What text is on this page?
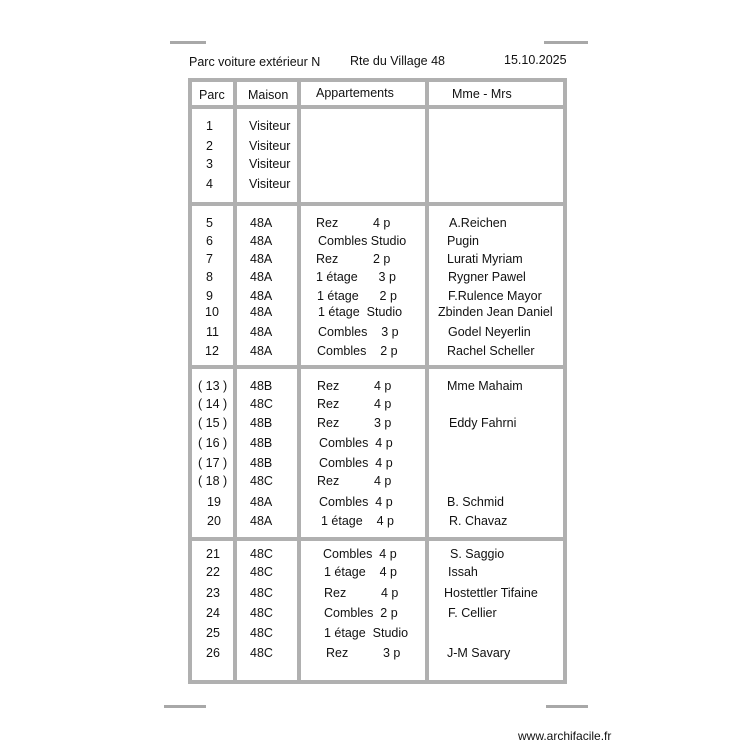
Parc voiture extérieur N Rte du Village 48	15.10.2025
Parc Maison Appartements	Mme - Mrs
1	Visiteur
2	Visiteur
3	Visiteur
4	Visiteur
5	48A	Rez          4 p	A.Reichen
6	48A	Combles Studio	Pugin
7	48A	Rez          2 p	Lurati Myriam
8	48A	1 étage      3 p	Rygner Pawel
9	48A	1 étage      2 p	F.Rulence Mayor
10 48A	1 étage  Studio	Zbinden Jean Daniel
11 48A	Combles    3 p	Godel Neyerlin
12 48A	Combles    2 p	Rachel Scheller
( 13 ) 48B	Rez          4 p	Mme Mahaim
( 14 ) 48C	Rez          4 p
( 15 ) 48B	Rez          3 p	Eddy Fahrni
( 16 ) 48B	Combles  4 p
( 17 ) 48B	Combles  4 p
( 18 ) 48C	Rez          4 p
19 48A	Combles  4 p	B. Schmid
20 48A	1 étage    4 p	R. Chavaz
21 48C	Combles  4 p	S. Saggio
22 48C	1 étage    4 p	Issah
23 48C	Rez          4 p	Hostettler Tifaine
24 48C	Combles  2 p	F. Cellier
25 48C	1 étage  Studio
26 48C	Rez          3 p	J-M Savary
www.archifacile.fr
